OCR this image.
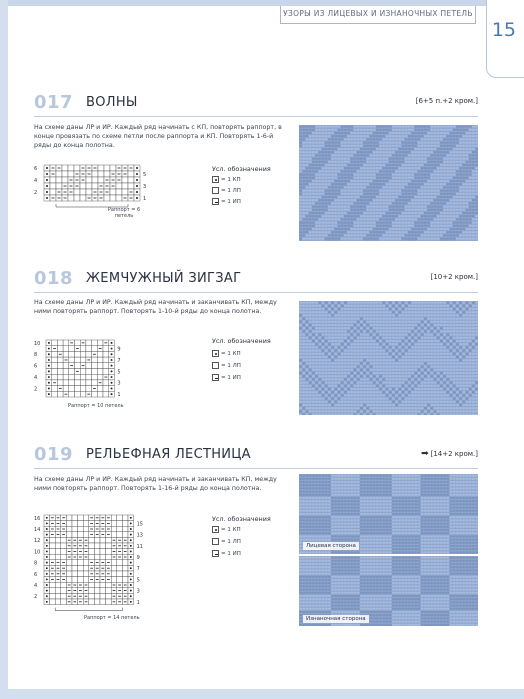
УЗОРЫ ИЗ ЛИЦЕВЫХ И ИЗНАНОЧНЫХ ПЕТЕЛЬ
15
017 ВОЛНЫ	[6+5 п.+2 кром.]
На схеме даны ЛР и ИР. Каждый ряд начинать с КП, повторять раппорт, в конце провязать по схеме петли после раппорта и КП. Повторять 1-6-й ряды до конца полотна.
6
4
2
5
3
1
Раппорт = 6 петель
Усл. обозначения
= 1 КП
= 1 ЛП
= 1 ИП
018 ЖЕМЧУЖНЫЙ ЗИГЗАГ	[10+2 кром.]
На схеме даны ЛР и ИР. Каждый ряд начинать и заканчивать КП, между ними повторять раппорт. Повторять 1-10-й ряды до конца полотна.
10
8
6
4
2
9
7
5
3
1
Раппорт = 10 петель
Усл. обозначения
= 1 КП
= 1 ЛП
= 1 ИП
019 РЕЛЬЕФНАЯ ЛЕСТНИЦА	➡ [14+2 кром.]
На схеме даны ЛР и ИР. Каждый ряд начинать и заканчивать КП, между ними повторять раппорт. Повторять 1-16-й ряды до конца полотна.
16
14
12
10
8
6
4
2
15
13
11
9
7
5
3
1
Раппорт = 14 петель
Усл. обозначения
= 1 КП
= 1 ЛП
= 1 ИП
Лицевая сторона
Изнаночная сторона
